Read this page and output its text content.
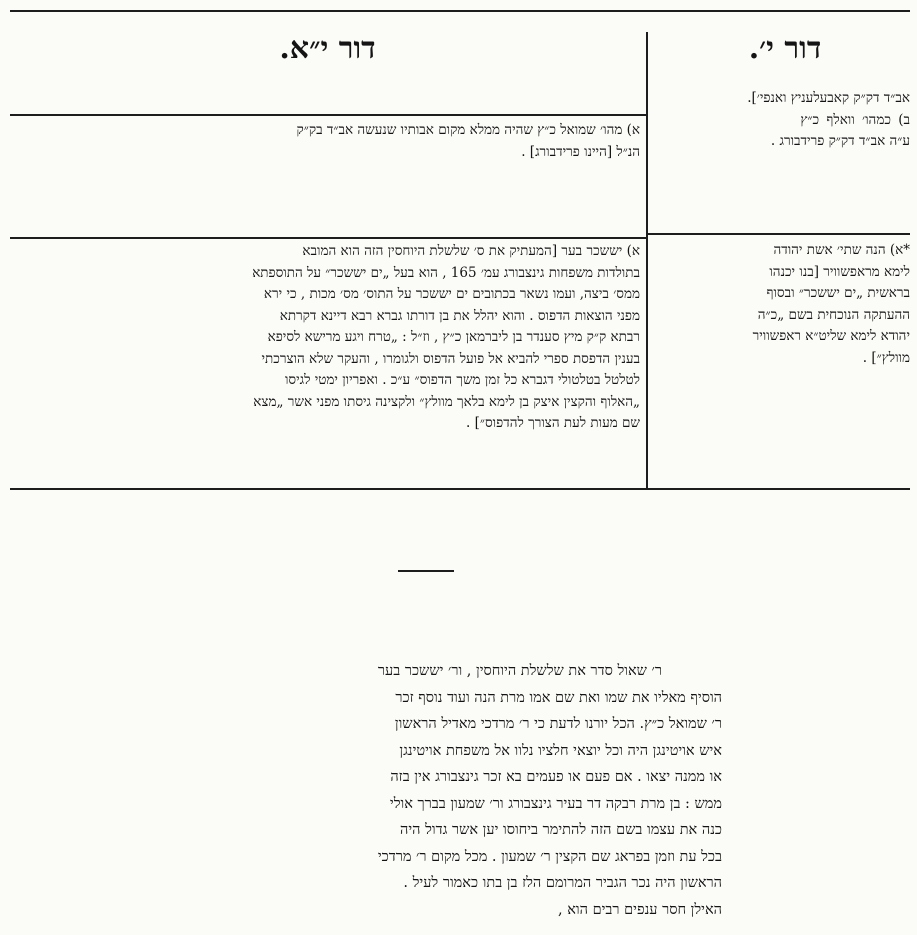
דור י׳.
דור י״א.
אב״ד דק״ק קאבעלעניץ ואנפי׳].
ב) כמהו׳ וואלף כ״ץ
ע״ה אב״ד דק״ק פרידבורג .
*א) הנה שתי׳ אשת יהודה
לימא מראפשוויר [בנו יכנהו
בראשית „ים יששכר״ ובסוף
ההעתקה הנוכחית בשם „כ״ה
יהודא לימא שליט״א ראפשוויר
מוולץ״] .
א) מהו׳ שמואל כ״ץ שהיה ממלא מקום אבותיו שנעשה אב״ד בק״ק
הנ״ל [היינו פרידבורג] .
א) יששכר בער [המעתיק את ס׳ שלשלת היוחסין הזה הוא המובא
בתולדות משפחות גינצבורג עמ׳ 165 , הוא בעל „ים יששכר״ על התוספתא
ממס׳ ביצה, ועמו נשאר בכתובים ים יששכר על התוס׳ מס׳ מכות , כי ירא
מפני הוצאות הדפוס . והוא יהלל את בן דורתו גברא רבא דיינא דקרתא
רבתא ק״ק מיץ סענדר בן ליברמאן כ״ץ , וז״ל : „טרח ויגע מרישא לסיפא
בענין הדפסת ספרי להביא אל פועל הדפוס ולגומרו , והעקר שלא הוצרכתי
לטלטל בטלטולי דגברא כל זמן משך הדפוס״ ע״כ . ואפריון ימטי לגיסו
„האלוף והקצין איצק בן לימא בלאך מוולץ״ ולקצינה גיסתו מפני אשר „מצא
שם מעות לעת הצורך להדפוס״] .
ר׳ שאול סדר את שלשלת היוחסין , ור׳ יששכר בער
הוסיף מאליו את שמו ואת שם אמו מרת הנה ועוד נוסף זכר
ר׳ שמואל כ״ץ. הכל יורנו לדעת כי ר׳ מרדכי מאדיל הראשון
איש אויטינגן היה וכל יוצאי חלציו נלוו אל משפחת אויטינגן
או ממנה יצאו . אם פעם או פעמים בא זכר גינצבורג אין בזה
ממש : בן מרת רבקה דר בעיר גינצבורג ור׳ שמעון בברך אולי
כנה את עצמו בשם הזה להתימר ביחוסו יען אשר גדול היה
בכל עת וזמן בפראג שם הקצין ר׳ שמעון . מכל מקום ר׳ מרדכי
הראשון היה נכר הגביר המרומם הלז בן בתו כאמור לעיל .
האילן חסר ענפים רבים הוא ,
